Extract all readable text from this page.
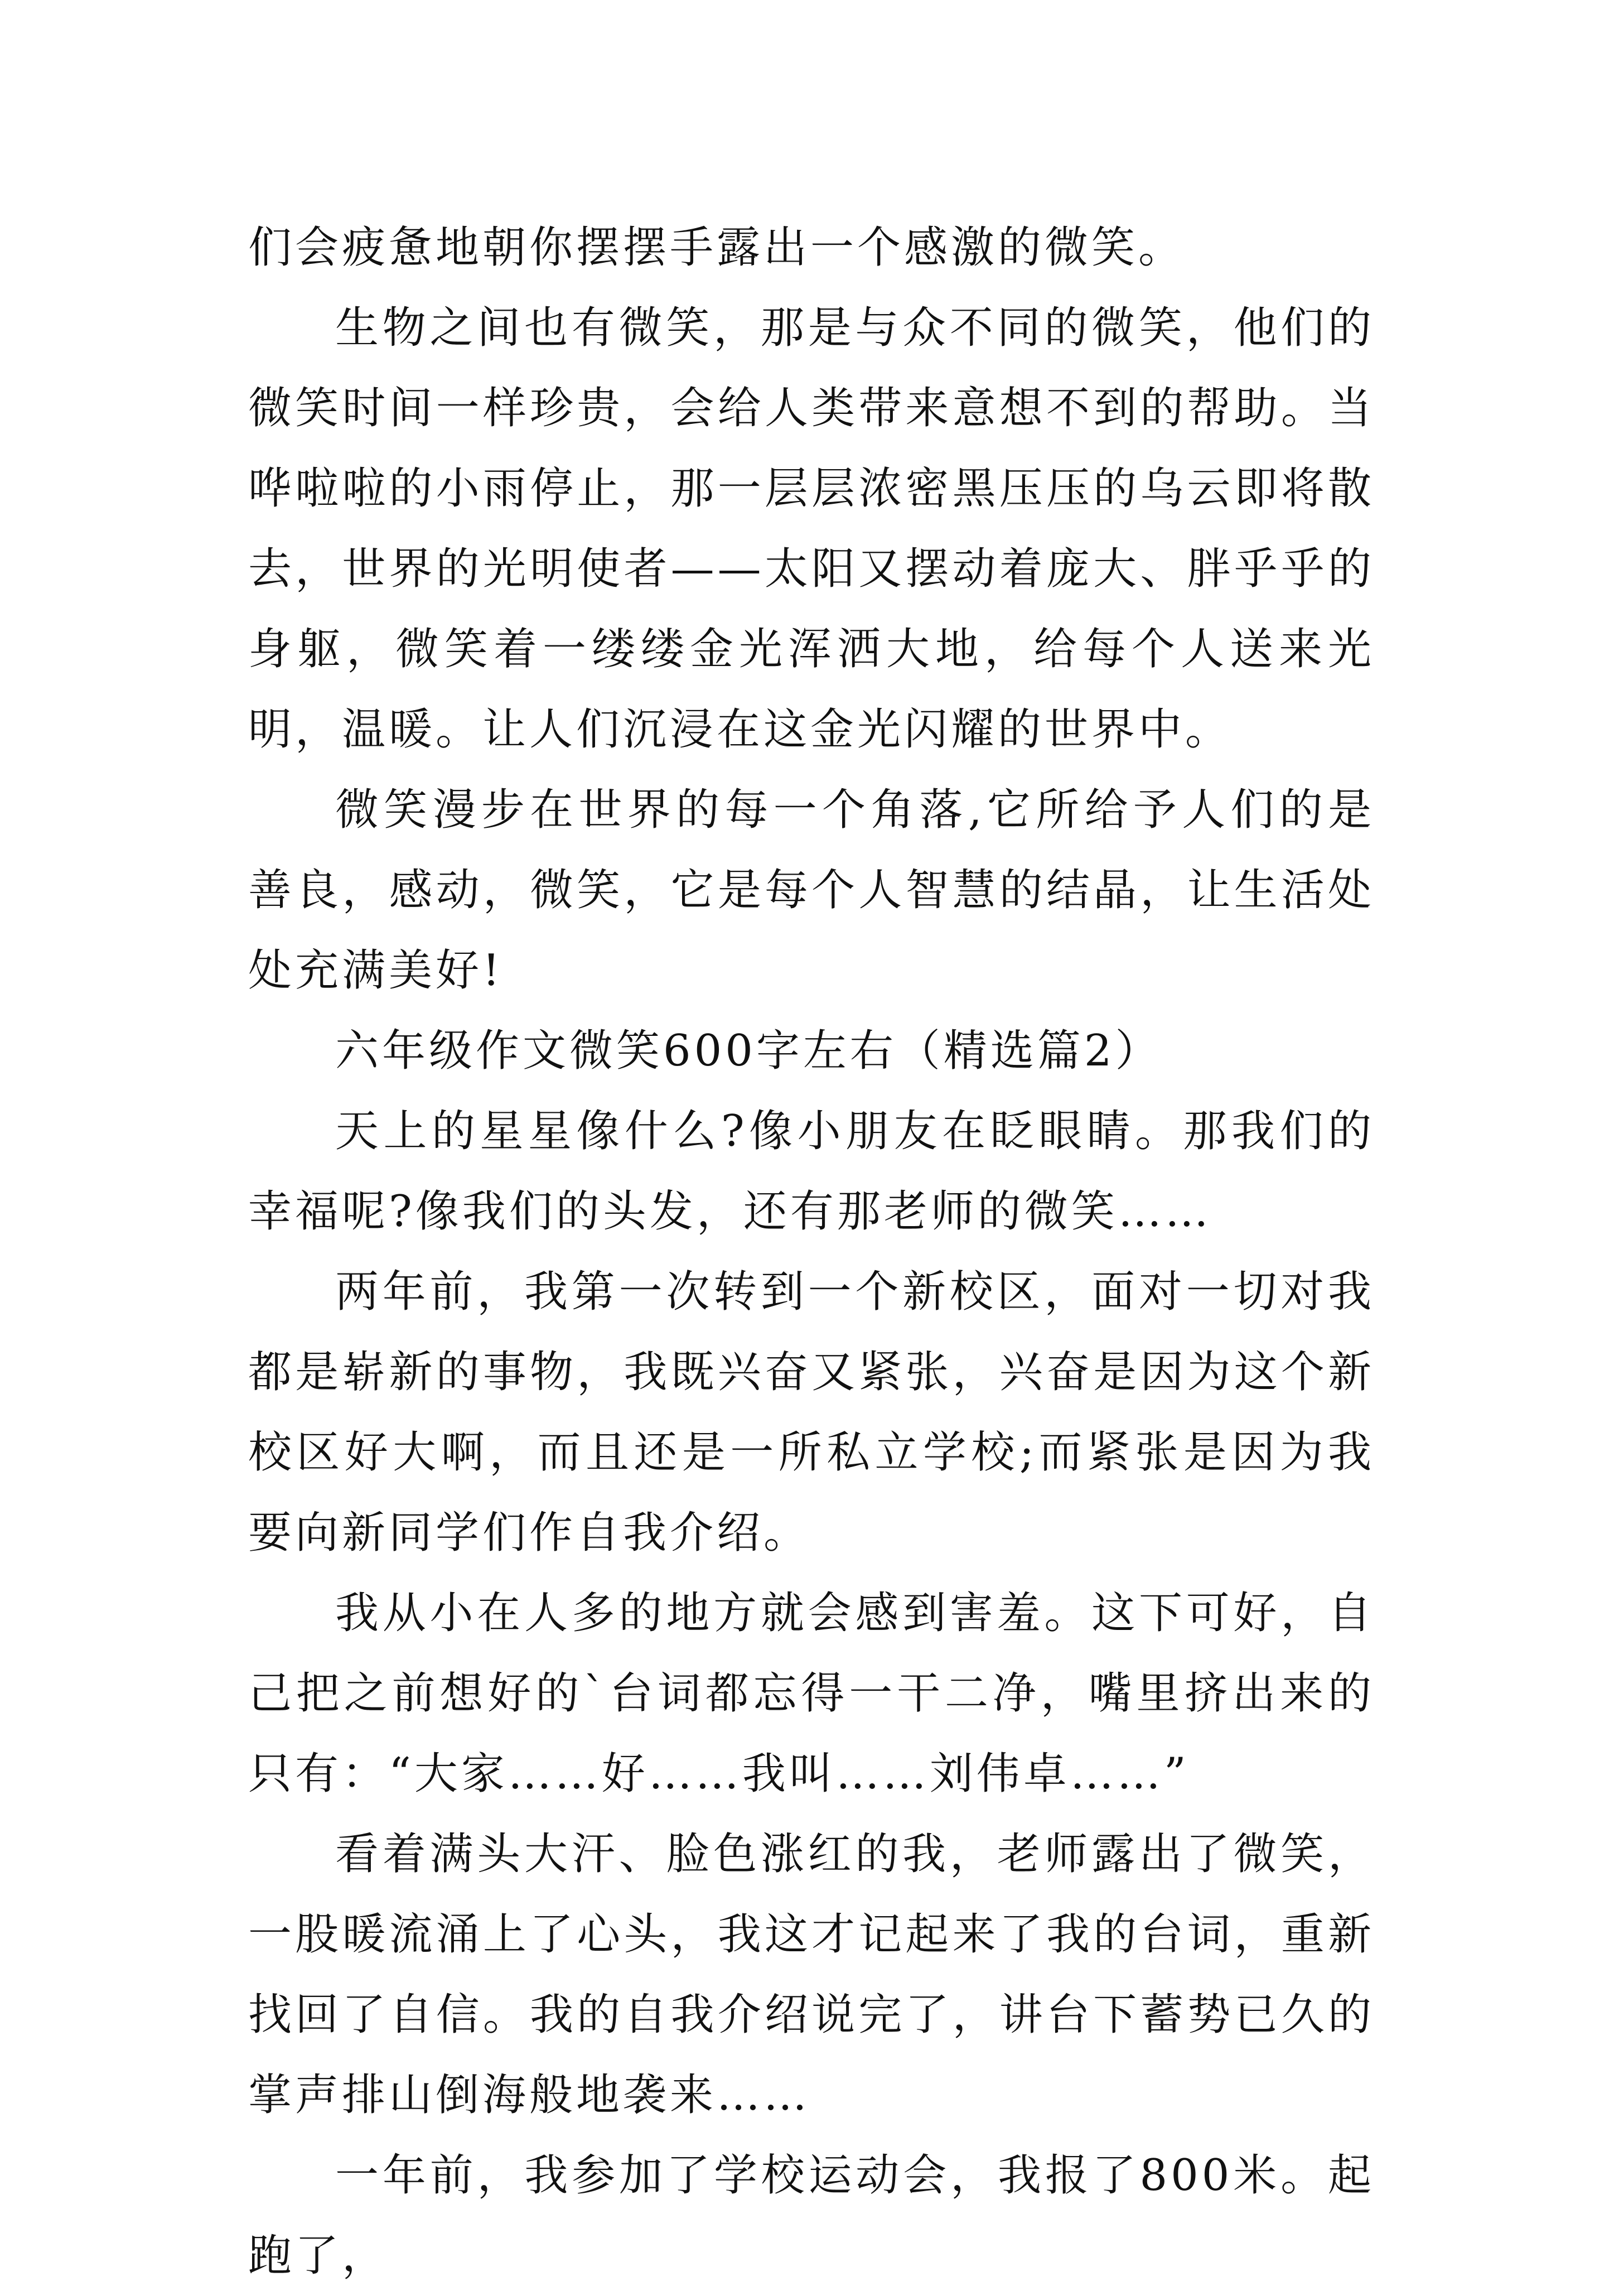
们会疲惫地朝你摆摆手露出一个感激的微笑。

生物之间也有微笑，那是与众不同的微笑，他们的微笑时间一样珍贵，会给人类带来意想不到的帮助。当哗啦啦的小雨停止，那一层层浓密黑压压的乌云即将散去，世界的光明使者——太阳又摆动着庞大、胖乎乎的身躯，微笑着一缕缕金光浑洒大地，给每个人送来光明，温暖。让人们沉浸在这金光闪耀的世界中。

微笑漫步在世界的每一个角落,它所给予人们的是善良，感动，微笑，它是每个人智慧的结晶，让生活处处充满美好!

六年级作文微笑600字左右（精选篇2）

天上的星星像什么?像小朋友在眨眼睛。那我们的幸福呢?像我们的头发，还有那老师的微笑……

两年前，我第一次转到一个新校区，面对一切对我都是崭新的事物，我既兴奋又紧张，兴奋是因为这个新校区好大啊，而且还是一所私立学校;而紧张是因为我要向新同学们作自我介绍。

我从小在人多的地方就会感到害羞。这下可好，自己把之前想好的`台词都忘得一干二净，嘴里挤出来的只有：“大家……好……我叫……刘伟卓……”

看着满头大汗、脸色涨红的我，老师露出了微笑，一股暖流涌上了心头，我这才记起来了我的台词，重新找回了自信。我的自我介绍说完了，讲台下蓄势已久的掌声排山倒海般地袭来……

一年前，我参加了学校运动会，我报了800米。起跑了，
